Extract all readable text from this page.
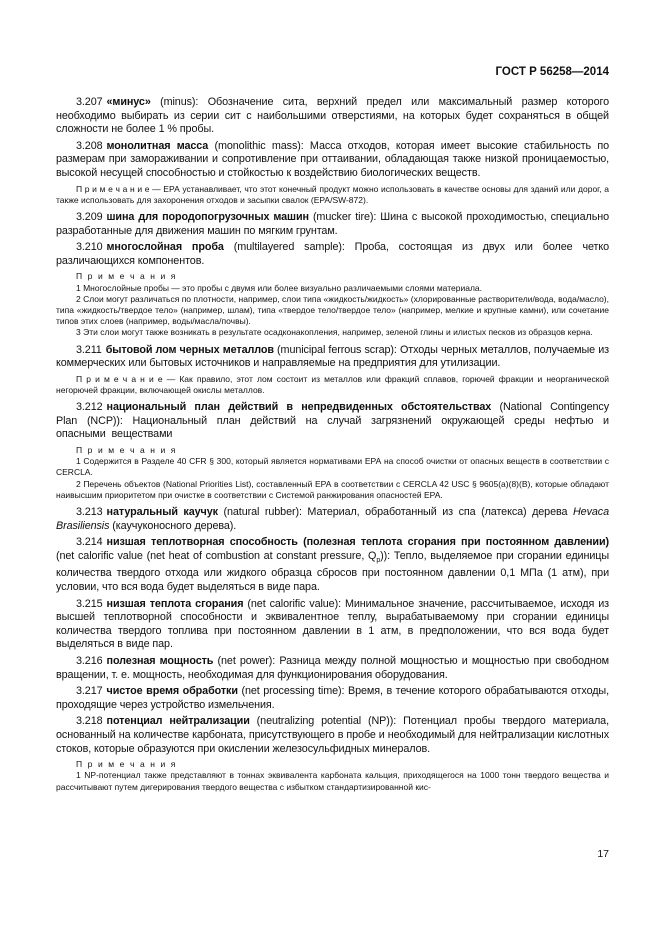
ГОСТ Р 56258—2014

3.207 «минус» (minus): Обозначение сита, верхний предел или максимальный размер которого необходимо выбирать из серии сит с наибольшими отверстиями, на которых будет сохраняться в общей сложности не более 1 % пробы.

3.208 монолитная масса (monolithic mass): Масса отходов, которая имеет высокие стабильность по размерам при замораживании и сопротивление при оттаивании, обладающая также низкой проницаемостью, высокой несущей способностью и стойкостью к воздействию биологических веществ.

П р и м е ч а н и е — ЕРА устанавливает, что этот конечный продукт можно использовать в качестве основы для зданий или дорог, а также использовать для захоронения отходов и засыпки свалок (EPA/SW-872).

3.209 шина для породопогрузочных машин (mucker tire): Шина с высокой проходимостью, специально разработанные для движения машин по мягким грунтам.

3.210 многослойная проба (multilayered sample): Проба, состоящая из двух или более четко различающихся компонентов.

П р и м е ч а н и я

1 Многослойные пробы — это пробы с двумя или более визуально различаемыми слоями материала.

2 Слои могут различаться по плотности, например, слои типа «жидкость/жидкость» (хлорированные растворители/вода, вода/масло), типа «жидкость/твердое тело» (например, шлам), типа «твердое тело/твердое тело» (например, мелкие и крупные камни), или сочетание типов этих слоев (например, воды/масла/почвы).

3 Эти слои могут также возникать в результате осадконакопления, например, зеленой глины и илистых песков из образцов керна.

3.211 бытовой лом черных металлов (municipal ferrous scrap): Отходы черных металлов, получаемые из коммерческих или бытовых источников и направляемые на предприятия для утилизации.

П р и м е ч а н и е — Как правило, этот лом состоит из металлов или фракций сплавов, горючей фракции и неорганической негорючей фракции, включающей окислы металлов.

3.212 национальный план действий в непредвиденных обстоятельствах (National Contingency Plan (NCP)): Национальный план действий на случай загрязнений окружающей среды нефтью и опасными веществами

П р и м е ч а н и я

1 Содержится в Разделе 40 CFR § 300, который является нормативами ЕРА на способ очистки от опасных веществ в соответствии с CERCLA.

2 Перечень объектов (National Priorities List), составленный ЕРА в соответствии с CERCLA 42 USC § 9605(a)(8)(B), которые обладают наивысшим приоритетом при очистке в соответствии с Системой ранжирования опасностей ЕРА.

3.213 натуральный каучук (natural rubber): Материал, обработанный из спа (латекса) дерева Hevaca Brasiliensis (каучуконосного дерева).

3.214 низшая теплотворная способность (полезная теплота сгорания при постоянном давлении) (net calorific value (net heat of combustion at constant pressure, $Q_p$)): Тепло, выделяемое при сгорании единицы количества твердого отхода или жидкого образца сбросов при постоянном давлении 0,1 МПа (1 атм), при условии, что вся вода будет выделяться в виде пара.

3.215 низшая теплота сгорания (net calorific value): Минимальное значение, рассчитываемое, исходя из высшей теплотворной способности и эквивалентное теплу, вырабатываемому при сгорании единицы количества твердого топлива при постоянном давлении в 1 атм, в предположении, что вся вода будет выделяться в виде пар.

3.216 полезная мощность (net power): Разница между полной мощностью и мощностью при свободном вращении, т. е. мощность, необходимая для функционирования оборудования.

3.217 чистое время обработки (net processing time): Время, в течение которого обрабатываются отходы, проходящие через устройство измельчения.

3.218 потенциал нейтрализации (neutralizing potential (NP)): Потенциал пробы твердого материала, основанный на количестве карбоната, присутствующего в пробе и необходимый для нейтрализации кислотных стоков, которые образуются при окислении железосульфидных минералов.

П р и м е ч а н и я

1 NP-потенциал также представляют в тоннах эквивалента карбоната кальция, приходящегося на 1000 тонн твердого вещества и рассчитывают путем дигерирования твердого вещества с избытком стандартизированной кис-

17
